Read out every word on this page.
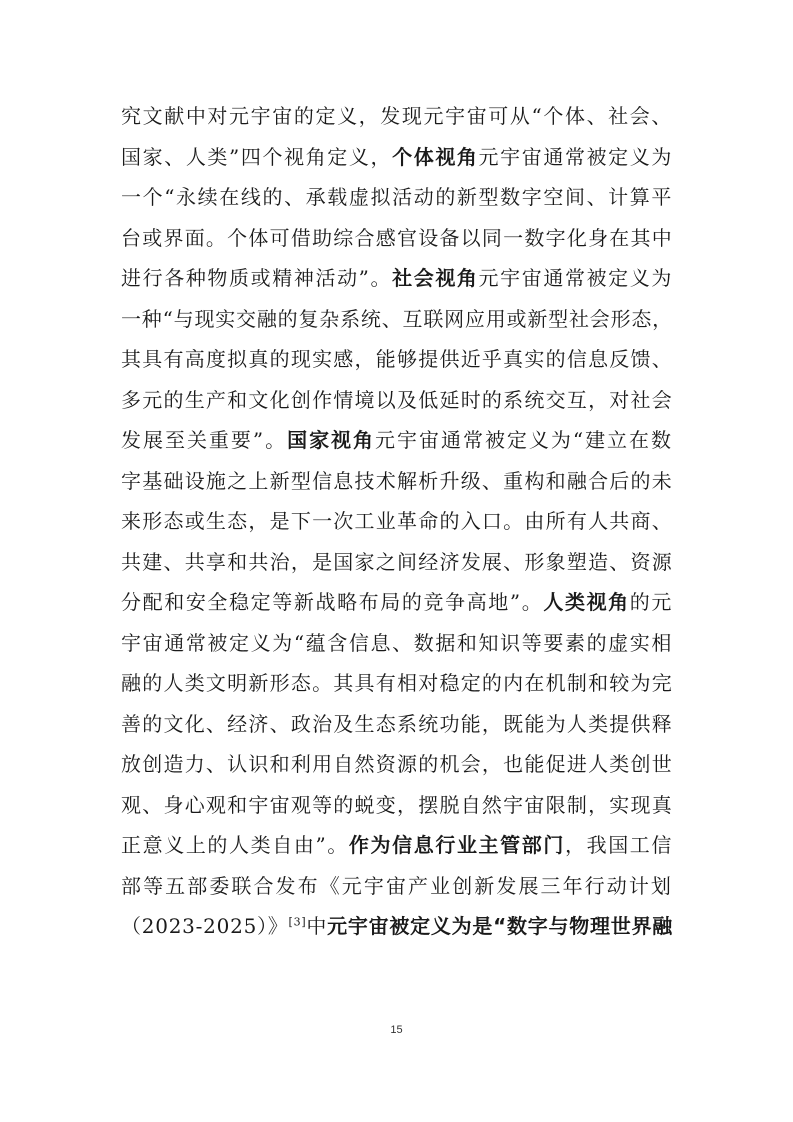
究文献中对元宇宙的定义，发现元宇宙可从“个体、社会、
国家、人类”四个视角定义，个体视角元宇宙通常被定义为
一个“永续在线的、承载虚拟活动的新型数字空间、计算平
台或界面。个体可借助综合感官设备以同一数字化身在其中
进行各种物质或精神活动”。社会视角元宇宙通常被定义为
一种“与现实交融的复杂系统、互联网应用或新型社会形态，
其具有高度拟真的现实感，能够提供近乎真实的信息反馈、
多元的生产和文化创作情境以及低延时的系统交互，对社会
发展至关重要”。国家视角元宇宙通常被定义为“建立在数
字基础设施之上新型信息技术解析升级、重构和融合后的未
来形态或生态，是下一次工业革命的入口。由所有人共商、
共建、共享和共治，是国家之间经济发展、形象塑造、资源
分配和安全稳定等新战略布局的竞争高地”。人类视角的元
宇宙通常被定义为“蕴含信息、数据和知识等要素的虚实相
融的人类文明新形态。其具有相对稳定的内在机制和较为完
善的文化、经济、政治及生态系统功能，既能为人类提供释
放创造力、认识和利用自然资源的机会，也能促进人类创世
观、身心观和宇宙观等的蜕变，摆脱自然宇宙限制，实现真
正意义上的人类自由”。作为信息行业主管部门，我国工信
部等五部委联合发布《元宇宙产业创新发展三年行动计划
（2023-2025）》[3]中元宇宙被定义为是“数字与物理世界融
15
